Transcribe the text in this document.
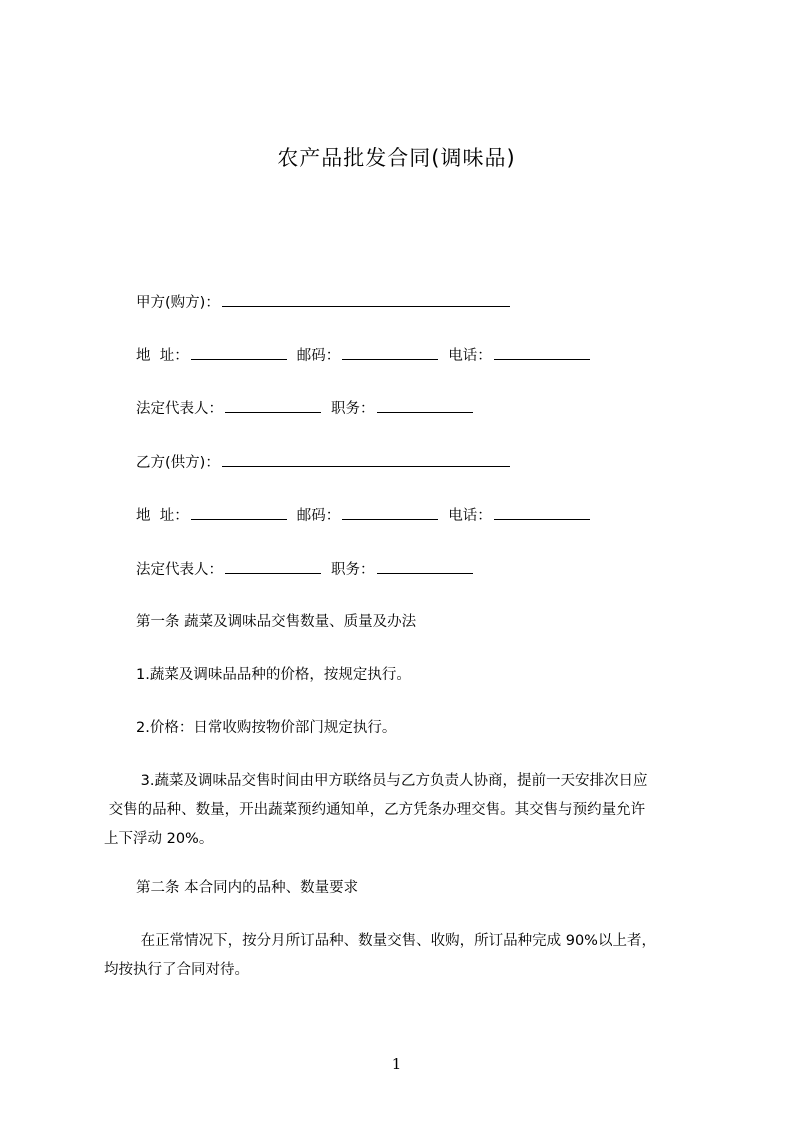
农产品批发合同(调味品)
甲方(购方)：
地  址：	邮码：	电话：
法定代表人：	职务：
乙方(供方)：
地  址：	邮码：	电话：
法定代表人：	职务：
第一条 蔬菜及调味品交售数量、质量及办法
1.蔬菜及调味品品种的价格，按规定执行。
2.价格：日常收购按物价部门规定执行。
3.蔬菜及调味品交售时间由甲方联络员与乙方负责人协商，提前一天安排次日应
交售的品种、数量，开出蔬菜预约通知单，乙方凭条办理交售。其交售与预约量允许
上下浮动 20%。
第二条 本合同内的品种、数量要求
在正常情况下，按分月所订品种、数量交售、收购，所订品种完成 90%以上者，
均按执行了合同对待。
1
